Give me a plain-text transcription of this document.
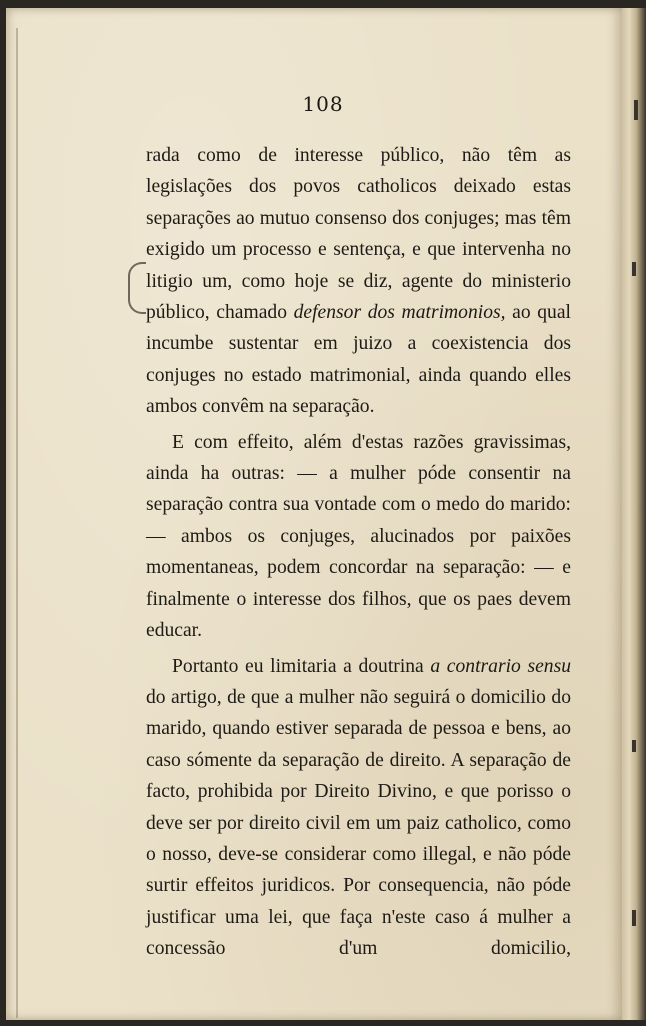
108

rada como de interesse público, não têm as legislações dos povos catholicos deixado estas separações ao mutuo consenso dos conjuges; mas têm exigido um processo e sentença, e que intervenha no litigio um, como hoje se diz, agente do ministerio público, chamado defensor dos matrimonios, ao qual incumbe sustentar em juizo a coexistencia dos conjuges no estado matrimonial, ainda quando elles ambos convêm na separação.

E com effeito, além d'estas razões gravissimas, ainda ha outras: — a mulher póde consentir na separação contra sua vontade com o medo do marido: — ambos os conjuges, alucinados por paixões momentaneas, podem concordar na separação: — e finalmente o interesse dos filhos, que os paes devem educar.

Portanto eu limitaria a doutrina a contrario sensu do artigo, de que a mulher não seguirá o domicilio do marido, quando estiver separada de pessoa e bens, ao caso sómente da separação de direito. A separação de facto, prohibida por Direito Divino, e que porisso o deve ser por direito civil em um paiz catholico, como o nosso, deve-se considerar como illegal, e não póde surtir effeitos juridicos. Por consequencia, não póde justificar uma lei, que faça n'este caso á mulher a concessão d'um domicilio,
